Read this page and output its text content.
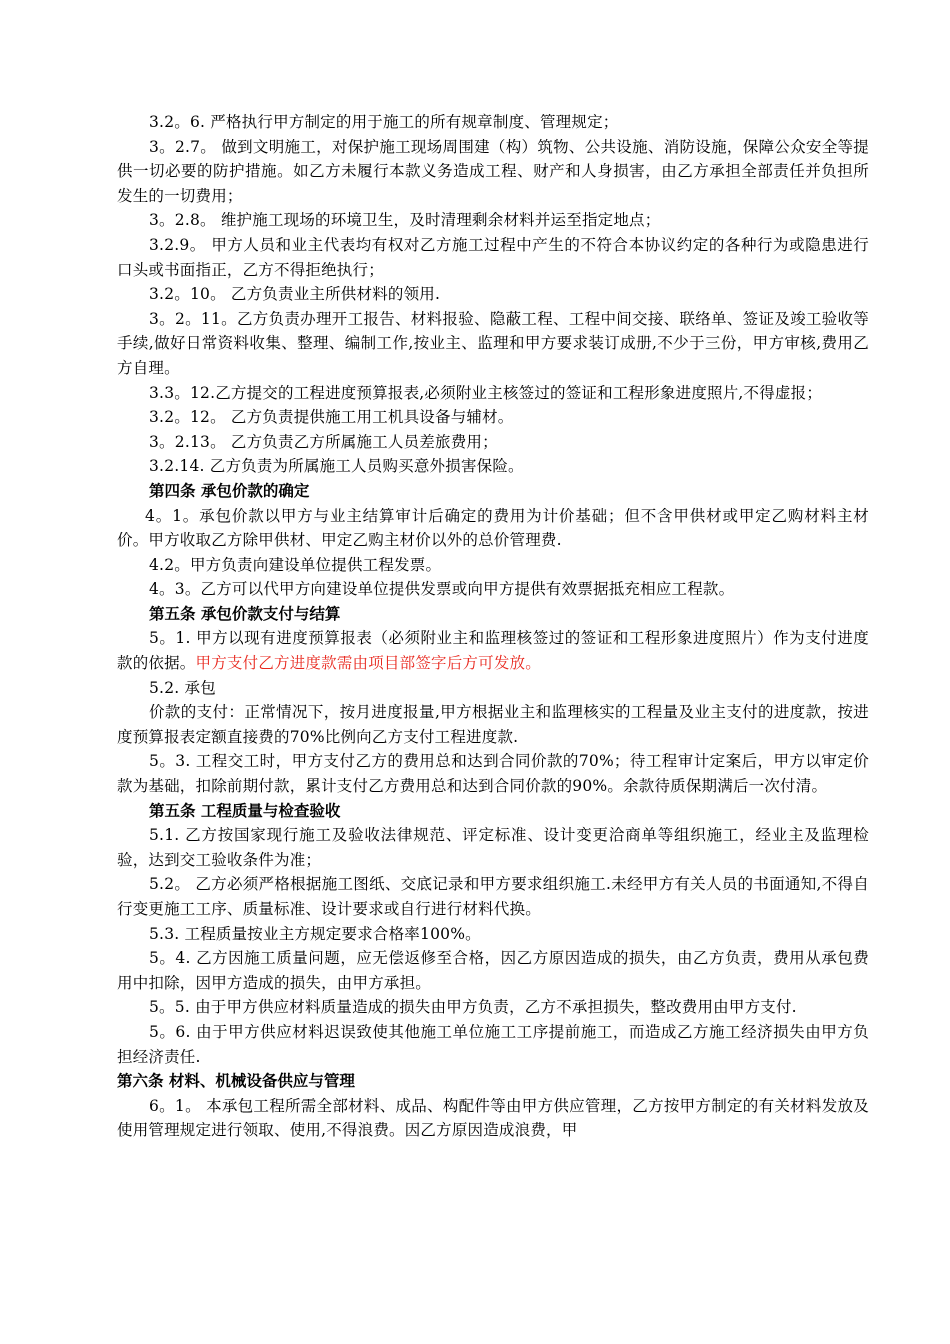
3.2。6. 严格执行甲方制定的用于施工的所有规章制度、管理规定；

3。2.7。 做到文明施工，对保护施工现场周围建（构）筑物、公共设施、消防设施，保障公众安全等提供一切必要的防护措施。如乙方未履行本款义务造成工程、财产和人身损害，由乙方承担全部责任并负担所发生的一切费用；

3。2.8。 维护施工现场的环境卫生，及时清理剩余材料并运至指定地点；

3.2.9。 甲方人员和业主代表均有权对乙方施工过程中产生的不符合本协议约定的各种行为或隐患进行口头或书面指正，乙方不得拒绝执行；

3.2。10。 乙方负责业主所供材料的领用.

3。2。11。乙方负责办理开工报告、材料报验、隐蔽工程、工程中间交接、联络单、签证及竣工验收等手续,做好日常资料收集、整理、编制工作,按业主、监理和甲方要求装订成册,不少于三份，甲方审核,费用乙方自理。

3.3。12.乙方提交的工程进度预算报表,必须附业主核签过的签证和工程形象进度照片,不得虚报；

3.2。12。 乙方负责提供施工用工机具设备与辅材。

3。2.13。 乙方负责乙方所属施工人员差旅费用；

3.2.14. 乙方负责为所属施工人员购买意外损害保险。

第四条 承包价款的确定

4。1。承包价款以甲方与业主结算审计后确定的费用为计价基础；但不含甲供材或甲定乙购材料主材价。甲方收取乙方除甲供材、甲定乙购主材价以外的总价管理费.

4.2。甲方负责向建设单位提供工程发票。

4。3。乙方可以代甲方向建设单位提供发票或向甲方提供有效票据抵充相应工程款。

第五条 承包价款支付与结算

5。1. 甲方以现有进度预算报表（必须附业主和监理核签过的签证和工程形象进度照片）作为支付进度款的依据。甲方支付乙方进度款需由项目部签字后方可发放。

5.2. 承包

价款的支付：正常情况下，按月进度报量,甲方根据业主和监理核实的工程量及业主支付的进度款，按进度预算报表定额直接费的70%比例向乙方支付工程进度款.

5。3. 工程交工时，甲方支付乙方的费用总和达到合同价款的70%；待工程审计定案后，甲方以审定价款为基础，扣除前期付款，累计支付乙方费用总和达到合同价款的90%。余款待质保期满后一次付清。

第五条 工程质量与检查验收

5.1. 乙方按国家现行施工及验收法律规范、评定标准、设计变更洽商单等组织施工，经业主及监理检验，达到交工验收条件为准；

5.2。 乙方必须严格根据施工图纸、交底记录和甲方要求组织施工.未经甲方有关人员的书面通知,不得自行变更施工工序、质量标准、设计要求或自行进行材料代换。

5.3. 工程质量按业主方规定要求合格率100%。

5。4. 乙方因施工质量问题，应无偿返修至合格，因乙方原因造成的损失，由乙方负责，费用从承包费用中扣除，因甲方造成的损失，由甲方承担。

5。5. 由于甲方供应材料质量造成的损失由甲方负责，乙方不承担损失，整改费用由甲方支付.

5。6. 由于甲方供应材料迟误致使其他施工单位施工工序提前施工，而造成乙方施工经济损失由甲方负担经济责任.

第六条 材料、机械设备供应与管理

6。1。 本承包工程所需全部材料、成品、构配件等由甲方供应管理，乙方按甲方制定的有关材料发放及使用管理规定进行领取、使用,不得浪费。因乙方原因造成浪费，甲
